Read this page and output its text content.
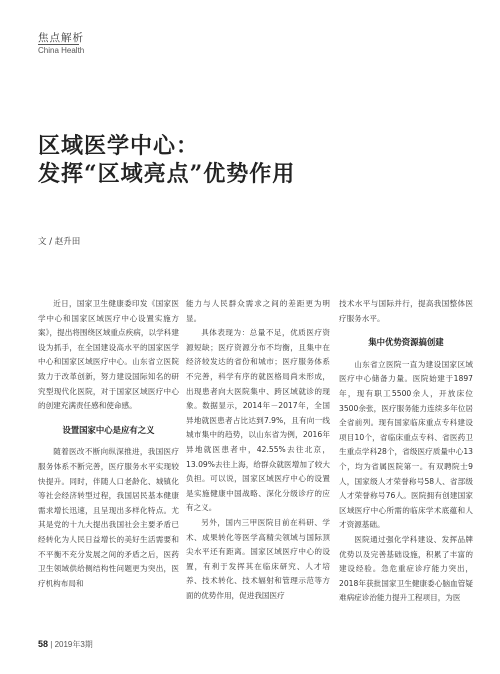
焦点解析
China Health
区域医学中心：
发挥“区域亮点”优势作用
文 / 赵升田

近日，国家卫生健康委印发《国家医学中心和国家区域医疗中心设置实施方案》，提出将围绕区域重点疾病，以学科建设为抓手，在全国建设高水平的国家医学中心和国家区域医疗中心。山东省立医院致力于改革创新，努力建设国际知名的研究型现代化医院，对于国家区域医疗中心的创建充满责任感和使命感。

设置国家中心是应有之义

随着医改不断向纵深推进，我国医疗服务体系不断完善，医疗服务水平实现较快提升。同时，伴随人口老龄化、城镇化等社会经济转型过程，我国居民基本健康需求增长迅速，且呈现出多样化特点。尤其是党的十九大提出我国社会主要矛盾已经转化为人民日益增长的美好生活需要和不平衡不充分发展之间的矛盾之后，医药卫生领域供给侧结构性问题更为突出，医疗机构布局和

能力与人民群众需求之间的差距更为明显。

具体表现为：总量不足，优质医疗资源短缺；医疗资源分布不均衡，且集中在经济较发达的省份和城市；医疗服务体系不完善，科学有序的就医格局尚未形成，出现患者向大医院集中、跨区域就诊的现象。数据显示，2014年－2017年，全国异地就医患者占比达到7.9%，且有向一线城市集中的趋势，以山东省为例，2016年异地就医患者中，42.55%去往北京，13.09%去往上海，给群众就医增加了较大负担。可以说，国家区域医疗中心的设置是实施健康中国战略、深化分级诊疗的应有之义。

另外，国内三甲医院目前在科研、学术、成果转化等医学高精尖领域与国际顶尖水平还有距离。国家区域医疗中心的设置，有利于发挥其在临床研究、人才培养、技术转化、技术辐射和管理示范等方面的优势作用，促进我国医疗

技术水平与国际并行，提高我国整体医疗服务水平。

集中优势资源搞创建

山东省立医院一直为建设国家区域医疗中心储备力量。医院始建于1897年，现有职工5500余人，开放床位3500余张，医疗服务能力连续多年位居全省前列。现有国家临床重点专科建设项目10个，省临床重点专科、省医药卫生重点学科28个，省级医疗质量中心13个，均为省属医院第一。有双聘院士9人，国家级人才荣誉称号58人、省部级人才荣誉称号76人。医院拥有创建国家区域医疗中心所需的临床学术底蕴和人才资源基础。

医院通过强化学科建设、发挥品牌优势以及完善基础设施，积累了丰富的建设经验。急危重症诊疗能力突出，2018年获批国家卫生健康委心脑血管疑难病症诊治能力提升工程项目，为医

58 | 2019年3期
